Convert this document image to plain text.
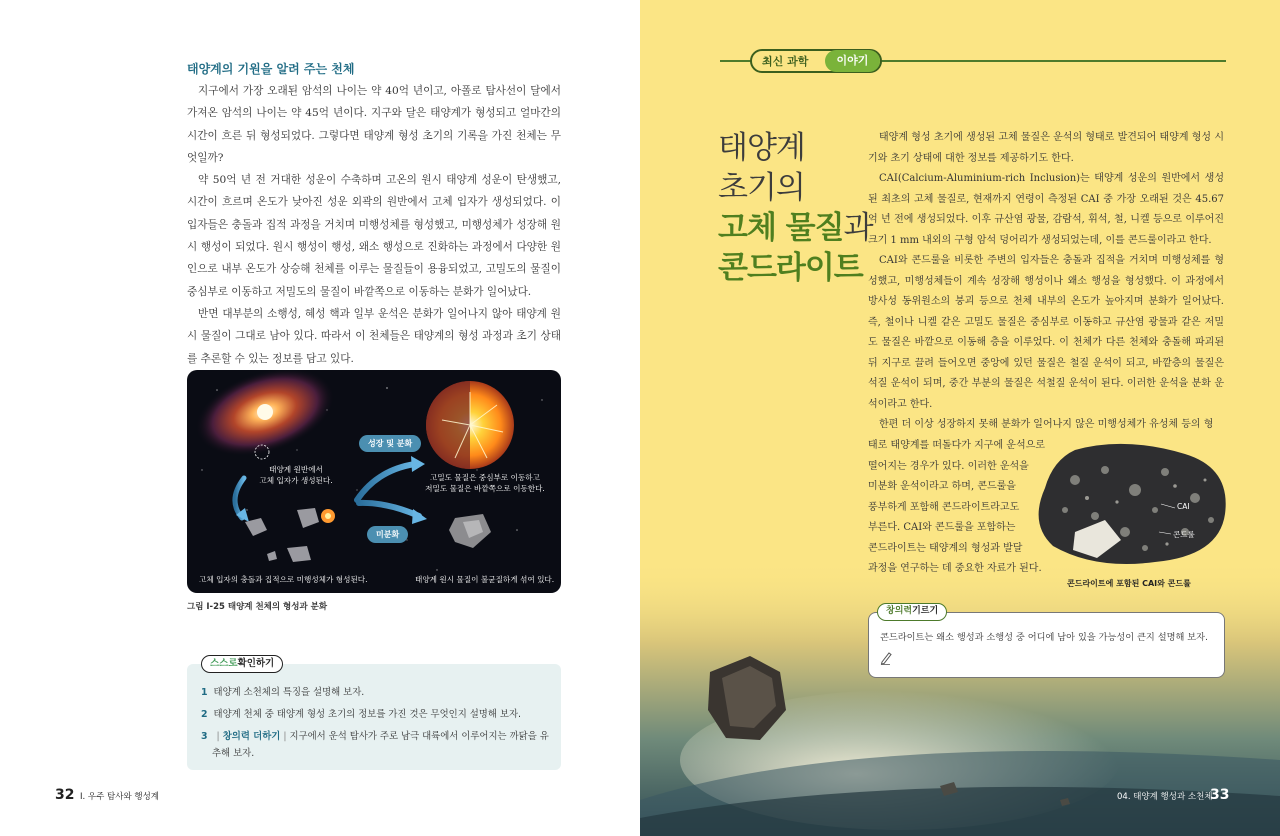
태양계의 기원을 알려 주는 천체

지구에서 가장 오래된 암석의 나이는 약 40억 년이고, 아폴로 탐사선이 달에서 가져온 암석의 나이는 약 45억 년이다. 지구와 달은 태양계가 형성되고 얼마간의 시간이 흐른 뒤 형성되었다. 그렇다면 태양계 형성 초기의 기록을 가진 천체는 무엇일까?

약 50억 년 전 거대한 성운이 수축하며 고온의 원시 태양계 성운이 탄생했고, 시간이 흐르며 온도가 낮아진 성운 외곽의 원반에서 고체 입자가 생성되었다. 이 입자들은 충돌과 집적 과정을 거치며 미행성체를 형성했고, 미행성체가 성장해 원시 행성이 되었다. 원시 행성이 행성, 왜소 행성으로 진화하는 과정에서 다양한 원인으로 내부 온도가 상승해 천체를 이루는 물질들이 용융되었고, 고밀도의 물질이 중심부로 이동하고 저밀도의 물질이 바깥쪽으로 이동하는 분화가 일어났다.

반면 대부분의 소행성, 혜성 핵과 일부 운석은 분화가 일어나지 않아 태양계 원시 물질이 그대로 남아 있다. 따라서 이 천체들은 태양계의 형성 과정과 초기 상태를 추론할 수 있는 정보를 담고 있다.

태양계 원반에서
고체 입자가 생성된다.
성장 및 분화
고밀도 물질은 중심부로 이동하고
저밀도 물질은 바깥쪽으로 이동한다.
미분화
고체 입자의 충돌과 집적으로 미행성체가 형성된다.	태양계 원시 물질이 불균질하게 섞여 있다.
그림 I-25 태양계 천체의 형성과 분화
스스로확인하기
1 태양계 소천체의 특징을 설명해 보자.
2 태양계 천체 중 태양계 형성 초기의 정보를 가진 것은 무엇인지 설명해 보자.
3 | 창의력 더하기 | 지구에서 운석 탐사가 주로 남극 대륙에서 이루어지는 까닭을 유
추해 보자.
32 I. 우주 탐사와 행성계
최신 과학	이야기
태양계
초기의
고체 물질과
콘드라이트

태양계 형성 초기에 생성된 고체 물질은 운석의 형태로 발견되어 태양계 형성 시기와 초기 상태에 대한 정보를 제공하기도 한다.

CAI(Calcium-Aluminium-rich Inclusion)는 태양계 성운의 원반에서 생성된 최초의 고체 물질로, 현재까지 연령이 측정된 CAI 중 가장 오래된 것은 45.67억 년 전에 생성되었다. 이후 규산염 광물, 감람석, 휘석, 철, 니켈 등으로 이루어진 크기 1 mm 내외의 구형 암석 덩어리가 생성되었는데, 이를 콘드룰이라고 한다.

CAI와 콘드룰을 비롯한 주변의 입자들은 충돌과 집적을 거치며 미행성체를 형성했고, 미행성체들이 계속 성장해 행성이나 왜소 행성을 형성했다. 이 과정에서 방사성 동위원소의 붕괴 등으로 천체 내부의 온도가 높아지며 분화가 일어났다. 즉, 철이나 니켈 같은 고밀도 물질은 중심부로 이동하고 규산염 광물과 같은 저밀도 물질은 바깥으로 이동해 층을 이루었다. 이 천체가 다른 천체와 충돌해 파괴된 뒤 지구로 끌려 들어오면 중앙에 있던 물질은 철질 운석이 되고, 바깥층의 물질은 석질 운석이 되며, 중간 부분의 물질은 석철질 운석이 된다. 이러한 운석을 분화 운석이라고 한다.

한편 더 이상 성장하지 못해 분화가 일어나지 않은 미행성체가 유성체 등의 형

태로 태양계를 떠돌다가 지구에 운석으로
떨어지는 경우가 있다. 이러한 운석을
미분화 운석이라고 하며, 콘드룰을
풍부하게 포함해 콘드라이트라고도
부른다. CAI와 콘드룰을 포함하는
콘드라이트는 태양계의 형성과 발달
과정을 연구하는 데 중요한 자료가 된다.
CAI
콘드룰
콘드라이트에 포함된 CAI와 콘드룰
창의력기르기
콘드라이트는 왜소 행성과 소행성 중 어디에 남아 있을 가능성이 큰지 설명해 보자.
04. 태양계 행성과 소천체
33
